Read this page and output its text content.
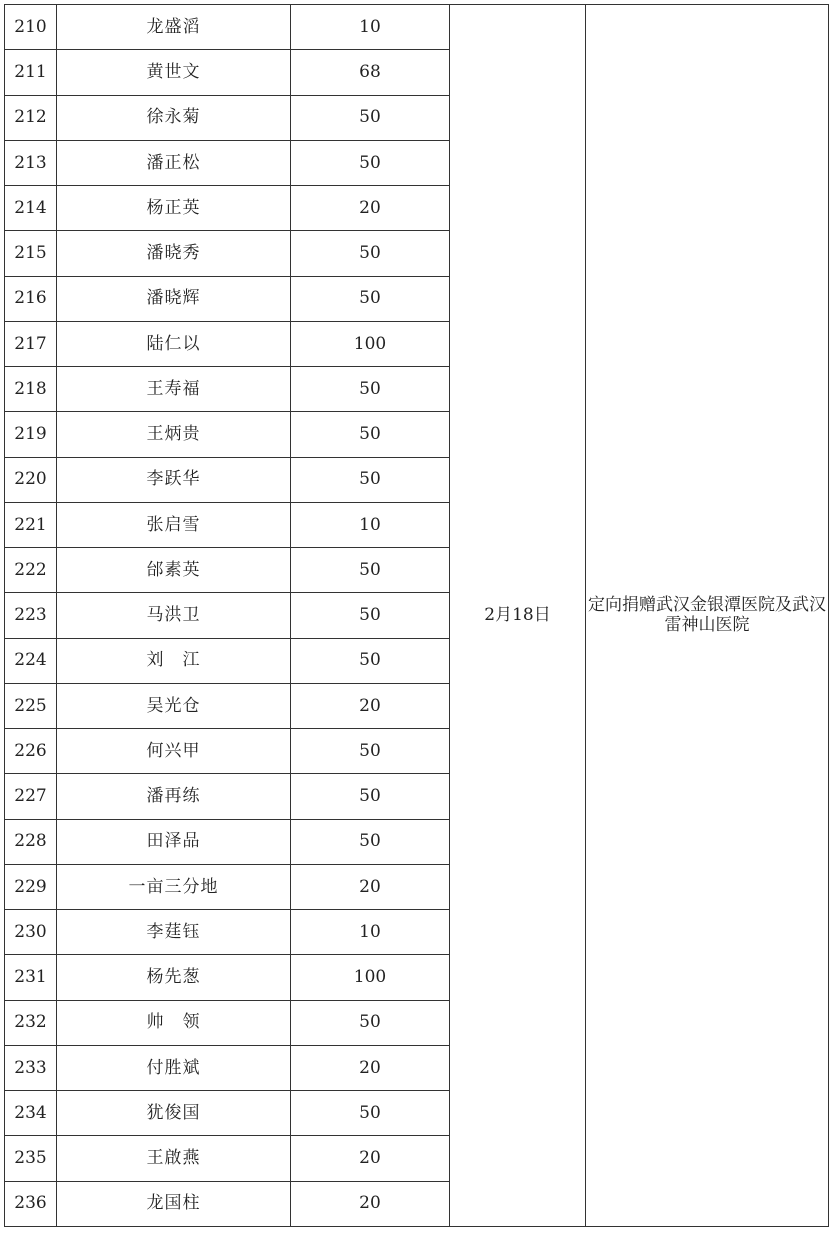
210	龙盛滔	10	2月18日	定向捐赠武汉金银潭医院及武汉雷神山医院
211	黄世文	68		
212	徐永菊	50		
213	潘正松	50		
214	杨正英	20		
215	潘晓秀	50		
216	潘晓辉	50		
217	陆仁以	100		
218	王寿福	50		
219	王炳贵	50		
220	李跃华	50		
221	张启雪	10		
222	邰素英	50		
223	马洪卫	50		
224	刘　江	50		
225	吴光仓	20		
226	何兴甲	50		
227	潘再练	50		
228	田泽品	50		
229	一亩三分地	20		
230	李莛钰	10		
231	杨先葱	100		
232	帅　领	50		
233	付胜斌	20		
234	犹俊国	50		
235	王啟燕	20		
236	龙国柱	20		
